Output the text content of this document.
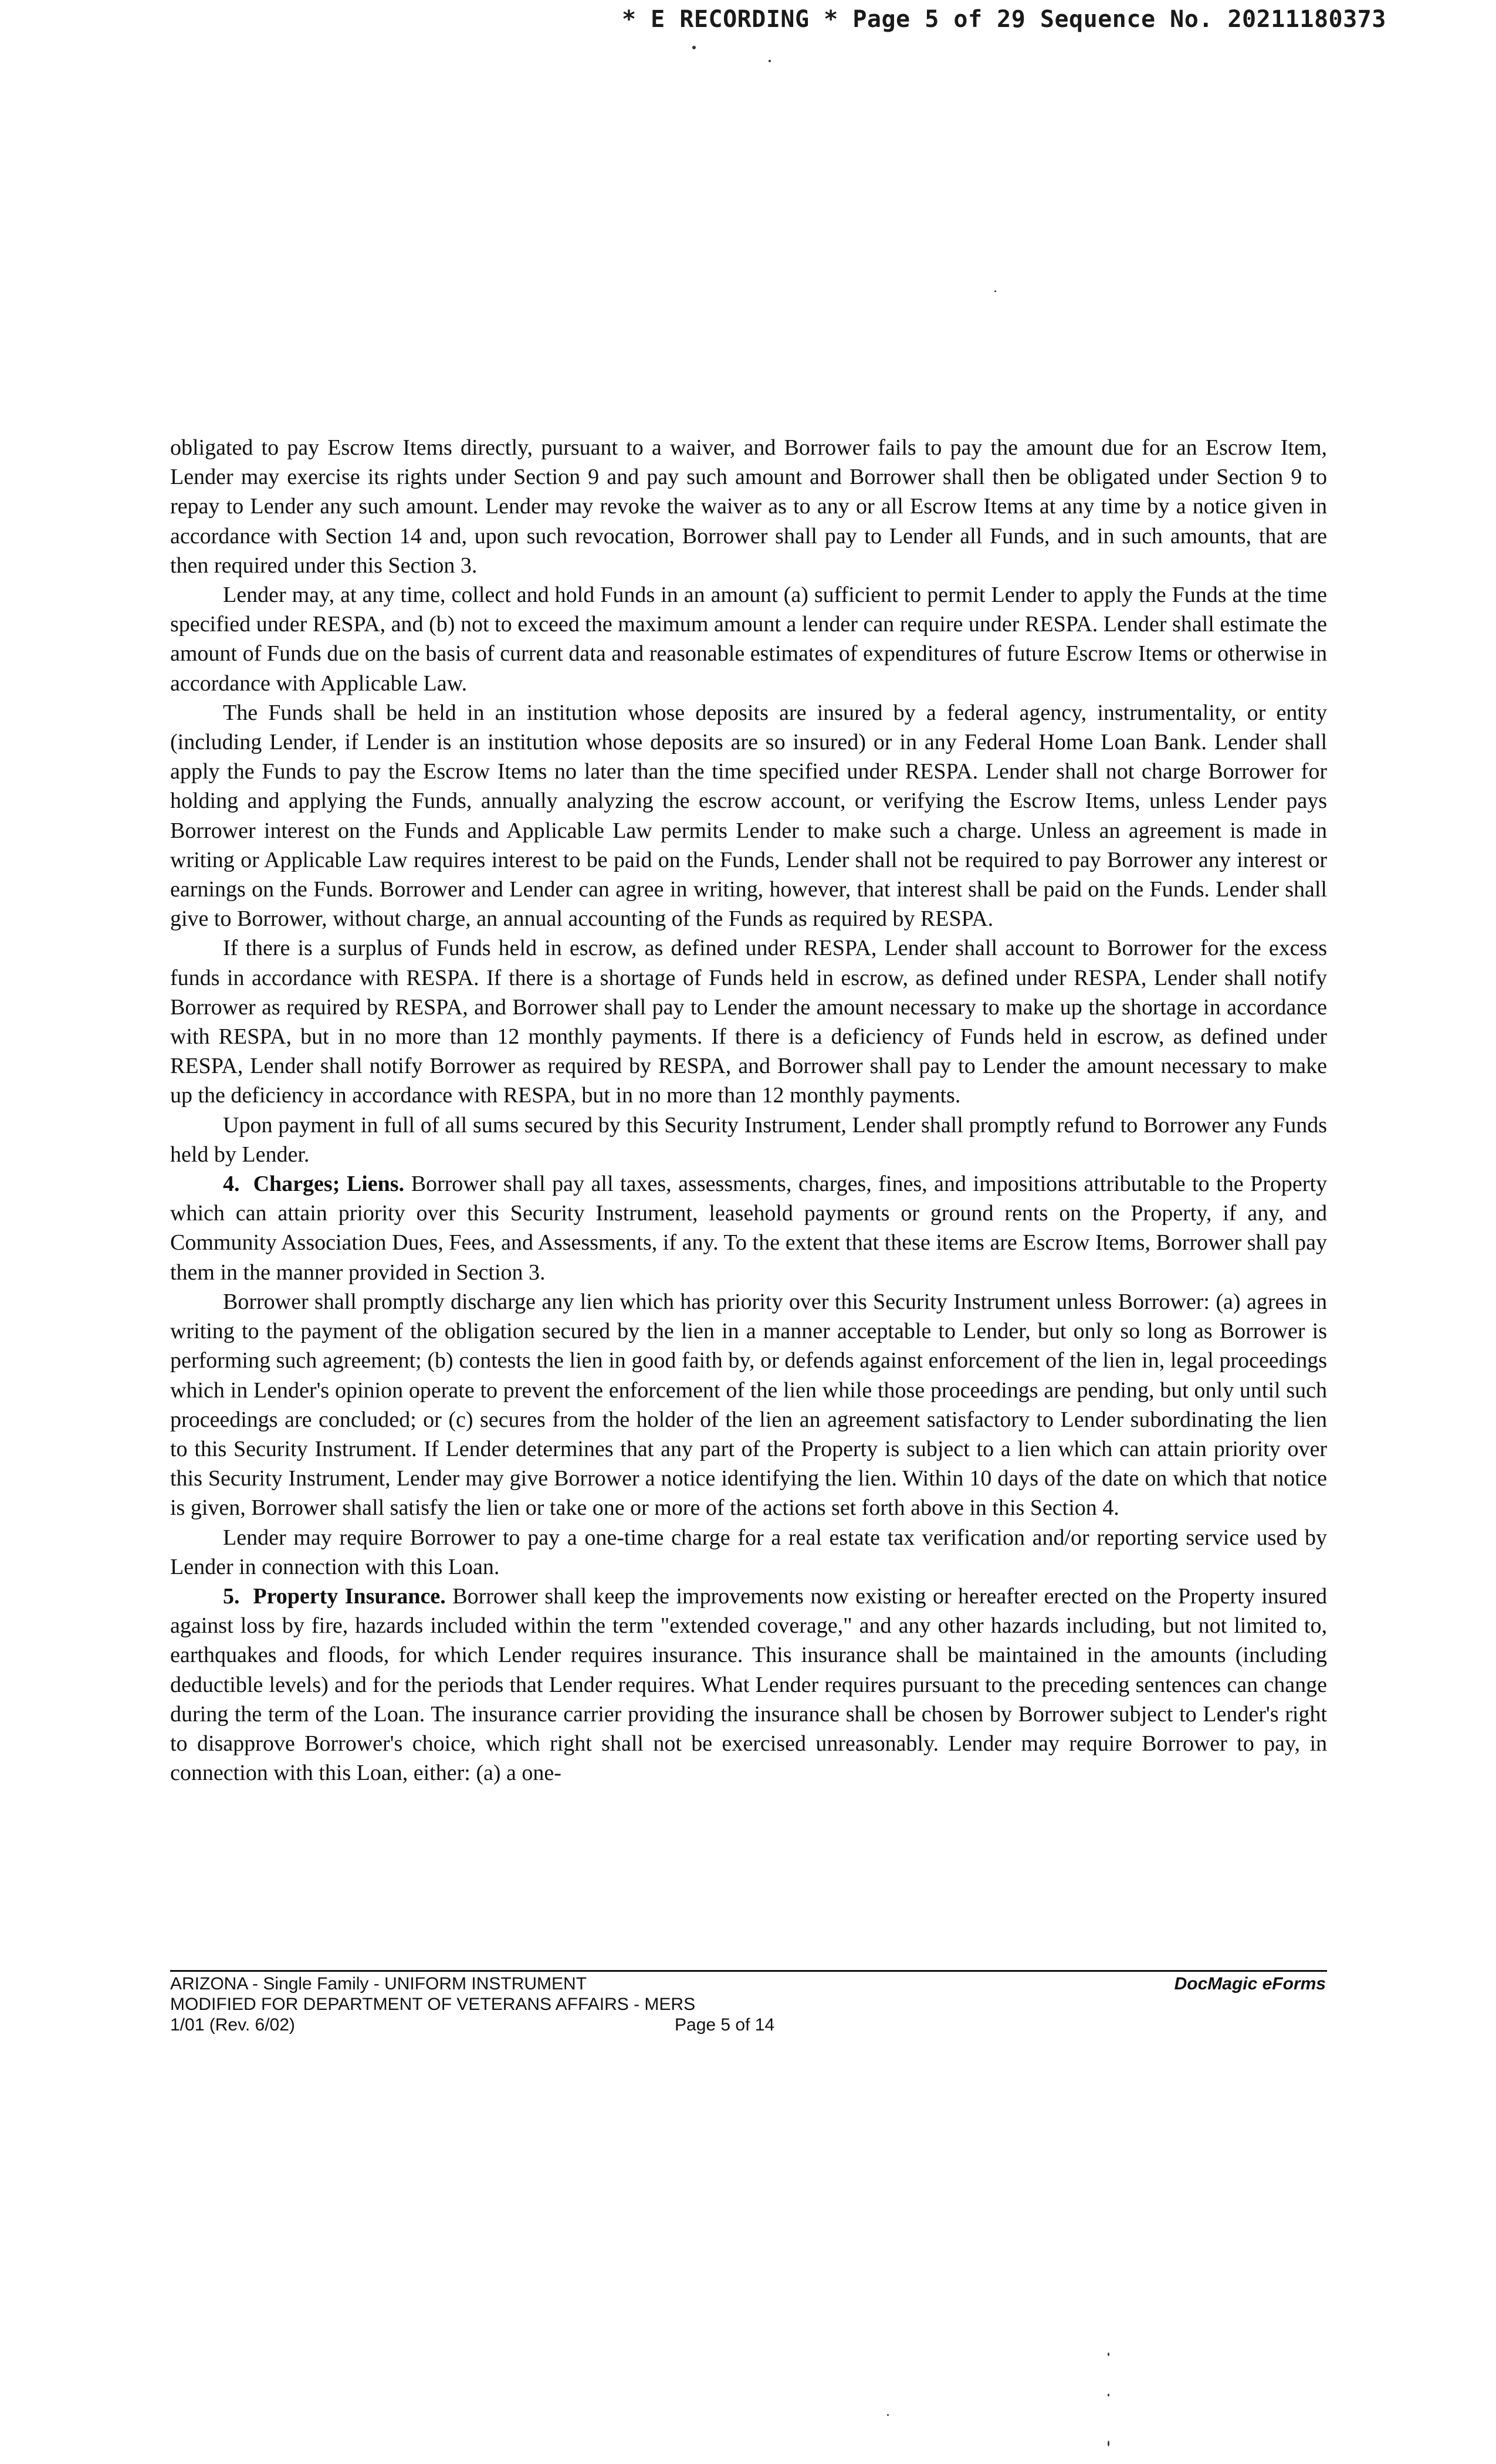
* E RECORDING * Page 5 of 29 Sequence No. 20211180373

obligated to pay Escrow Items directly, pursuant to a waiver, and Borrower fails to pay the amount due for an Escrow Item, Lender may exercise its rights under Section 9 and pay such amount and Borrower shall then be obligated under Section 9 to repay to Lender any such amount. Lender may revoke the waiver as to any or all Escrow Items at any time by a notice given in accordance with Section 14 and, upon such revocation, Borrower shall pay to Lender all Funds, and in such amounts, that are then required under this Section 3.

Lender may, at any time, collect and hold Funds in an amount (a) sufficient to permit Lender to apply the Funds at the time specified under RESPA, and (b) not to exceed the maximum amount a lender can require under RESPA. Lender shall estimate the amount of Funds due on the basis of current data and reasonable estimates of expenditures of future Escrow Items or otherwise in accordance with Applicable Law.

The Funds shall be held in an institution whose deposits are insured by a federal agency, instrumentality, or entity (including Lender, if Lender is an institution whose deposits are so insured) or in any Federal Home Loan Bank. Lender shall apply the Funds to pay the Escrow Items no later than the time specified under RESPA. Lender shall not charge Borrower for holding and applying the Funds, annually analyzing the escrow account, or verifying the Escrow Items, unless Lender pays Borrower interest on the Funds and Applicable Law permits Lender to make such a charge. Unless an agreement is made in writing or Applicable Law requires interest to be paid on the Funds, Lender shall not be required to pay Borrower any interest or earnings on the Funds. Borrower and Lender can agree in writing, however, that interest shall be paid on the Funds. Lender shall give to Borrower, without charge, an annual accounting of the Funds as required by RESPA.

If there is a surplus of Funds held in escrow, as defined under RESPA, Lender shall account to Borrower for the excess funds in accordance with RESPA. If there is a shortage of Funds held in escrow, as defined under RESPA, Lender shall notify Borrower as required by RESPA, and Borrower shall pay to Lender the amount necessary to make up the shortage in accordance with RESPA, but in no more than 12 monthly payments. If there is a deficiency of Funds held in escrow, as defined under RESPA, Lender shall notify Borrower as required by RESPA, and Borrower shall pay to Lender the amount necessary to make up the deficiency in accordance with RESPA, but in no more than 12 monthly payments.

Upon payment in full of all sums secured by this Security Instrument, Lender shall promptly refund to Borrower any Funds held by Lender.

4. Charges; Liens. Borrower shall pay all taxes, assessments, charges, fines, and impositions attributable to the Property which can attain priority over this Security Instrument, leasehold payments or ground rents on the Property, if any, and Community Association Dues, Fees, and Assessments, if any. To the extent that these items are Escrow Items, Borrower shall pay them in the manner provided in Section 3.

Borrower shall promptly discharge any lien which has priority over this Security Instrument unless Borrower: (a) agrees in writing to the payment of the obligation secured by the lien in a manner acceptable to Lender, but only so long as Borrower is performing such agreement; (b) contests the lien in good faith by, or defends against enforcement of the lien in, legal proceedings which in Lender's opinion operate to prevent the enforcement of the lien while those proceedings are pending, but only until such proceedings are concluded; or (c) secures from the holder of the lien an agreement satisfactory to Lender subordinating the lien to this Security Instrument. If Lender determines that any part of the Property is subject to a lien which can attain priority over this Security Instrument, Lender may give Borrower a notice identifying the lien. Within 10 days of the date on which that notice is given, Borrower shall satisfy the lien or take one or more of the actions set forth above in this Section 4.

Lender may require Borrower to pay a one-time charge for a real estate tax verification and/or reporting service used by Lender in connection with this Loan.

5. Property Insurance. Borrower shall keep the improvements now existing or hereafter erected on the Property insured against loss by fire, hazards included within the term "extended coverage," and any other hazards including, but not limited to, earthquakes and floods, for which Lender requires insurance. This insurance shall be maintained in the amounts (including deductible levels) and for the periods that Lender requires. What Lender requires pursuant to the preceding sentences can change during the term of the Loan. The insurance carrier providing the insurance shall be chosen by Borrower subject to Lender's right to disapprove Borrower's choice, which right shall not be exercised unreasonably. Lender may require Borrower to pay, in connection with this Loan, either: (a) a one-

ARIZONA - Single Family - UNIFORM INSTRUMENT
MODIFIED FOR DEPARTMENT OF VETERANS AFFAIRS - MERS
1/01 (Rev. 6/02)	Page 5 of 14
DocMagic eForms
